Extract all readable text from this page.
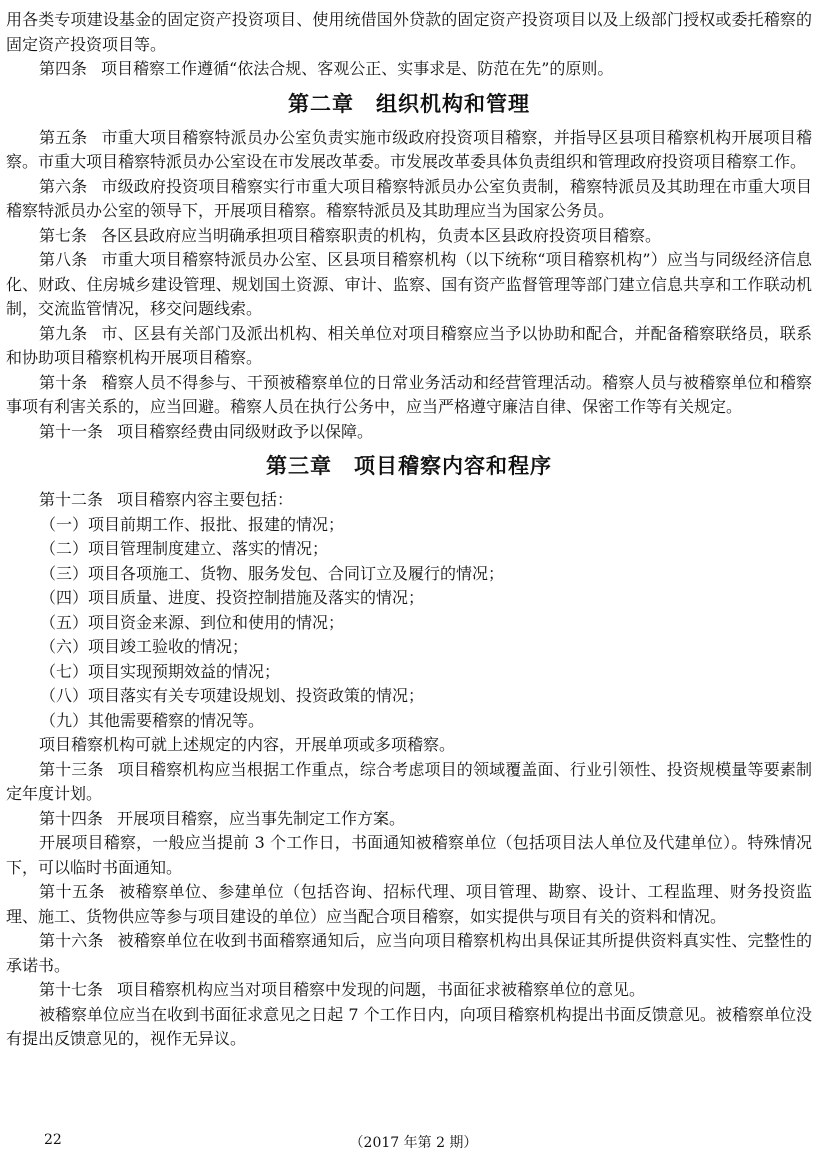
用各类专项建设基金的固定资产投资项目、使用统借国外贷款的固定资产投资项目以及上级部门授权或委托稽察的固定资产投资项目等。

第四条 项目稽察工作遵循“依法合规、客观公正、实事求是、防范在先”的原则。

第二章 组织机构和管理

第五条 市重大项目稽察特派员办公室负责实施市级政府投资项目稽察，并指导区县项目稽察机构开展项目稽察。市重大项目稽察特派员办公室设在市发展改革委。市发展改革委具体负责组织和管理政府投资项目稽察工作。

第六条 市级政府投资项目稽察实行市重大项目稽察特派员办公室负责制，稽察特派员及其助理在市重大项目稽察特派员办公室的领导下，开展项目稽察。稽察特派员及其助理应当为国家公务员。

第七条 各区县政府应当明确承担项目稽察职责的机构，负责本区县政府投资项目稽察。

第八条 市重大项目稽察特派员办公室、区县项目稽察机构（以下统称“项目稽察机构”）应当与同级经济信息化、财政、住房城乡建设管理、规划国土资源、审计、监察、国有资产监督管理等部门建立信息共享和工作联动机制，交流监管情况，移交问题线索。

第九条 市、区县有关部门及派出机构、相关单位对项目稽察应当予以协助和配合，并配备稽察联络员，联系和协助项目稽察机构开展项目稽察。

第十条 稽察人员不得参与、干预被稽察单位的日常业务活动和经营管理活动。稽察人员与被稽察单位和稽察事项有利害关系的，应当回避。稽察人员在执行公务中，应当严格遵守廉洁自律、保密工作等有关规定。

第十一条 项目稽察经费由同级财政予以保障。

第三章 项目稽察内容和程序

第十二条 项目稽察内容主要包括：

（一）项目前期工作、报批、报建的情况；

（二）项目管理制度建立、落实的情况；

（三）项目各项施工、货物、服务发包、合同订立及履行的情况；

（四）项目质量、进度、投资控制措施及落实的情况；

（五）项目资金来源、到位和使用的情况；

（六）项目竣工验收的情况；

（七）项目实现预期效益的情况；

（八）项目落实有关专项建设规划、投资政策的情况；

（九）其他需要稽察的情况等。

项目稽察机构可就上述规定的内容，开展单项或多项稽察。

第十三条 项目稽察机构应当根据工作重点，综合考虑项目的领域覆盖面、行业引领性、投资规模量等要素制定年度计划。

第十四条 开展项目稽察，应当事先制定工作方案。

开展项目稽察，一般应当提前 3 个工作日，书面通知被稽察单位（包括项目法人单位及代建单位）。特殊情况下，可以临时书面通知。

第十五条 被稽察单位、参建单位（包括咨询、招标代理、项目管理、勘察、设计、工程监理、财务投资监理、施工、货物供应等参与项目建设的单位）应当配合项目稽察，如实提供与项目有关的资料和情况。

第十六条 被稽察单位在收到书面稽察通知后，应当向项目稽察机构出具保证其所提供资料真实性、完整性的承诺书。

第十七条 项目稽察机构应当对项目稽察中发现的问题，书面征求被稽察单位的意见。

被稽察单位应当在收到书面征求意见之日起 7 个工作日内，向项目稽察机构提出书面反馈意见。被稽察单位没有提出反馈意见的，视作无异议。

22	（2017 年第 2 期）
